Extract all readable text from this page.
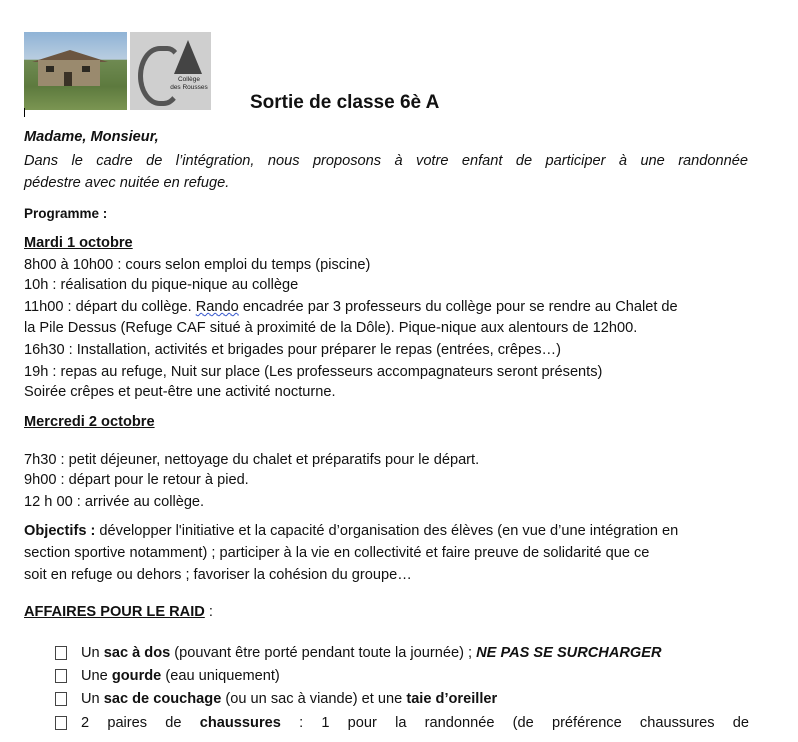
Collège
des Rousses
Sortie de classe 6è A
Madame, Monsieur,
Dans le cadre de l’intégration, nous proposons à votre enfant de participer à une randonnée
pédestre avec nuitée en refuge.
Programme :
Mardi 1 octobre
8h00 à 10h00 : cours selon emploi du temps (piscine)
10h : réalisation du pique-nique au collège
11h00 : départ du collège. Rando encadrée par 3 professeurs du collège pour se rendre au Chalet de
la Pile Dessus (Refuge CAF situé à proximité de la Dôle). Pique-nique aux alentours de 12h00.
16h30 : Installation, activités et brigades pour préparer le repas (entrées, crêpes…)
19h : repas au refuge, Nuit sur place (Les professeurs accompagnateurs seront présents)
Soirée crêpes et peut-être une activité nocturne.
Mercredi 2 octobre
7h30 : petit déjeuner, nettoyage du chalet et préparatifs pour le départ.
9h00 : départ pour le retour à pied.
12 h 00 : arrivée au collège.
Objectifs : développer l'initiative et la capacité d’organisation des élèves (en vue d’une intégration en
section sportive notamment) ; participer à la vie en collectivité et faire preuve de solidarité que ce
soit en refuge ou dehors ; favoriser la cohésion du groupe…
AFFAIRES POUR LE RAID :
Un sac à dos (pouvant être porté pendant toute la journée) ; NE PAS SE SURCHARGER
Une gourde (eau uniquement)
Un sac de couchage (ou un sac à viande) et une taie d’oreiller
2 paires de chaussures : 1 pour la randonnée (de préférence chaussures de
